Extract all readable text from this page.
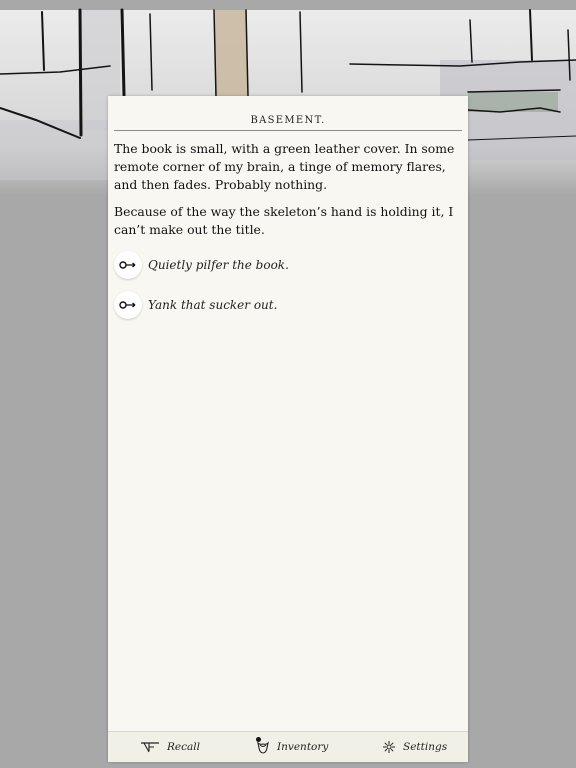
BASEMENT.

The book is small, with a green leather cover. In some remote corner of my brain, a tinge of memory flares, and then fades. Probably nothing.

Because of the way the skeleton’s hand is holding it, I can’t make out the title.

Quietly pilfer the book.
Yank that sucker out.
Recall	Inventory	Settings
